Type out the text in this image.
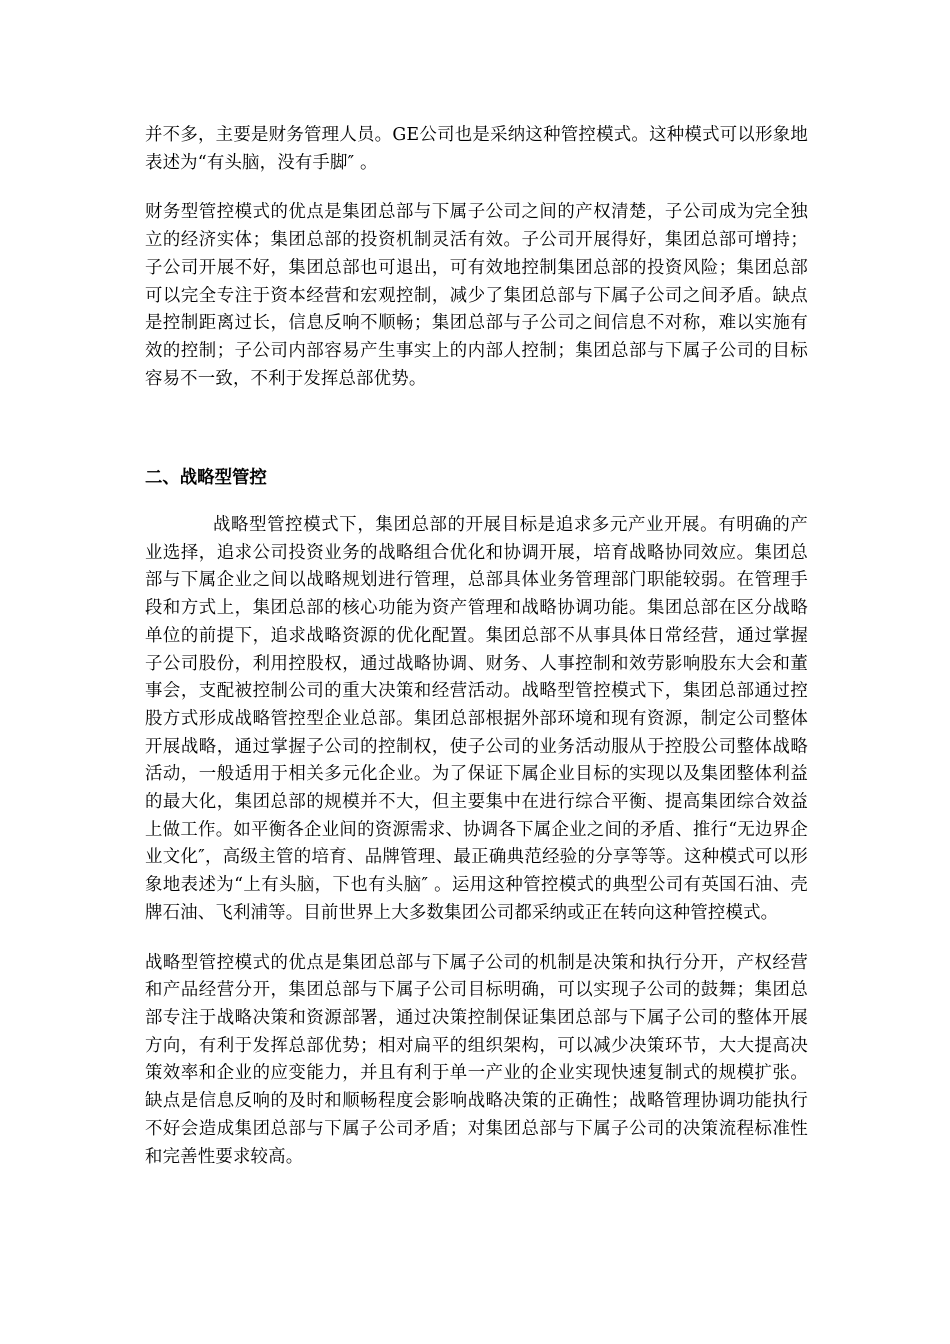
并不多，主要是财务管理人员。GE公司也是采纳这种管控模式。这种模式可以形象地表述为“有头脑，没有手脚″ 。

财务型管控模式的优点是集团总部与下属子公司之间的产权清楚，子公司成为完全独立的经济实体；集团总部的投资机制灵活有效。子公司开展得好，集团总部可增持；子公司开展不好，集团总部也可退出，可有效地控制集团总部的投资风险；集团总部可以完全专注于资本经营和宏观控制，减少了集团总部与下属子公司之间矛盾。缺点是控制距离过长，信息反响不顺畅；集团总部与子公司之间信息不对称，难以实施有效的控制；子公司内部容易产生事实上的内部人控制；集团总部与下属子公司的目标容易不一致，不利于发挥总部优势。

二、战略型管控

战略型管控模式下，集团总部的开展目标是追求多元产业开展。有明确的产业选择，追求公司投资业务的战略组合优化和协调开展，培育战略协同效应。集团总部与下属企业之间以战略规划进行管理，总部具体业务管理部门职能较弱。在管理手段和方式上，集团总部的核心功能为资产管理和战略协调功能。集团总部在区分战略单位的前提下，追求战略资源的优化配置。集团总部不从事具体日常经营，通过掌握子公司股份，利用控股权，通过战略协调、财务、人事控制和效劳影响股东大会和董事会，支配被控制公司的重大决策和经营活动。战略型管控模式下，集团总部通过控股方式形成战略管控型企业总部。集团总部根据外部环境和现有资源，制定公司整体开展战略，通过掌握子公司的控制权，使子公司的业务活动服从于控股公司整体战略活动，一般适用于相关多元化企业。为了保证下属企业目标的实现以及集团整体利益的最大化，集团总部的规模并不大，但主要集中在进行综合平衡、提高集团综合效益上做工作。如平衡各企业间的资源需求、协调各下属企业之间的矛盾、推行“无边界企业文化″，高级主管的培育、品牌管理、最正确典范经验的分享等等。这种模式可以形象地表述为“上有头脑，下也有头脑″ 。运用这种管控模式的典型公司有英国石油、壳牌石油、飞利浦等。目前世界上大多数集团公司都采纳或正在转向这种管控模式。

战略型管控模式的优点是集团总部与下属子公司的机制是决策和执行分开，产权经营和产品经营分开，集团总部与下属子公司目标明确，可以实现子公司的鼓舞；集团总部专注于战略决策和资源部署，通过决策控制保证集团总部与下属子公司的整体开展方向，有利于发挥总部优势；相对扁平的组织架构，可以减少决策环节，大大提高决策效率和企业的应变能力，并且有利于单一产业的企业实现快速复制式的规模扩张。缺点是信息反响的及时和顺畅程度会影响战略决策的正确性；战略管理协调功能执行不好会造成集团总部与下属子公司矛盾；对集团总部与下属子公司的决策流程标准性和完善性要求较高。
